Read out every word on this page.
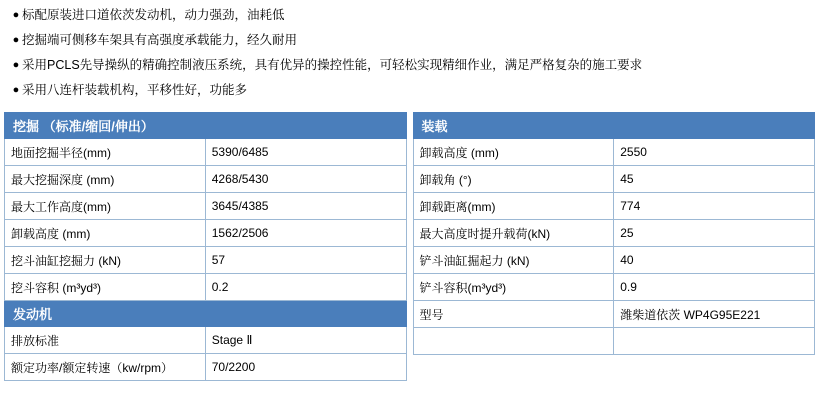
● 标配原装进口道依茨发动机，动力强劲，油耗低
● 挖掘端可侧移车架具有高强度承载能力，经久耐用
● 采用PCLS先导操纵的精确控制液压系统，具有优异的操控性能，可轻松实现精细作业，满足严格复杂的施工要求
● 采用八连杆装载机构，平移性好，功能多
挖掘 （标准/缩回/伸出）	
地面挖掘半径(mm)	5390/6485
最大挖掘深度 (mm)	4268/5430
最大工作高度(mm)	3645/4385
卸载高度 (mm)	1562/2506
挖斗油缸挖掘力 (kN)	57
挖斗容积 (m³yd³)	0.2
发动机	
排放标准	Stage Ⅱ
额定功率/额定转速（kw/rpm）	70/2200
装载	
卸载高度 (mm)	2550
卸载角 (°)	45
卸载距离(mm)	774
最大高度时提升载荷(kN)	25
铲斗油缸掘起力 (kN)	40
铲斗容积(m³yd³)	0.9
型号	潍柴道依茨 WP4G95E221
